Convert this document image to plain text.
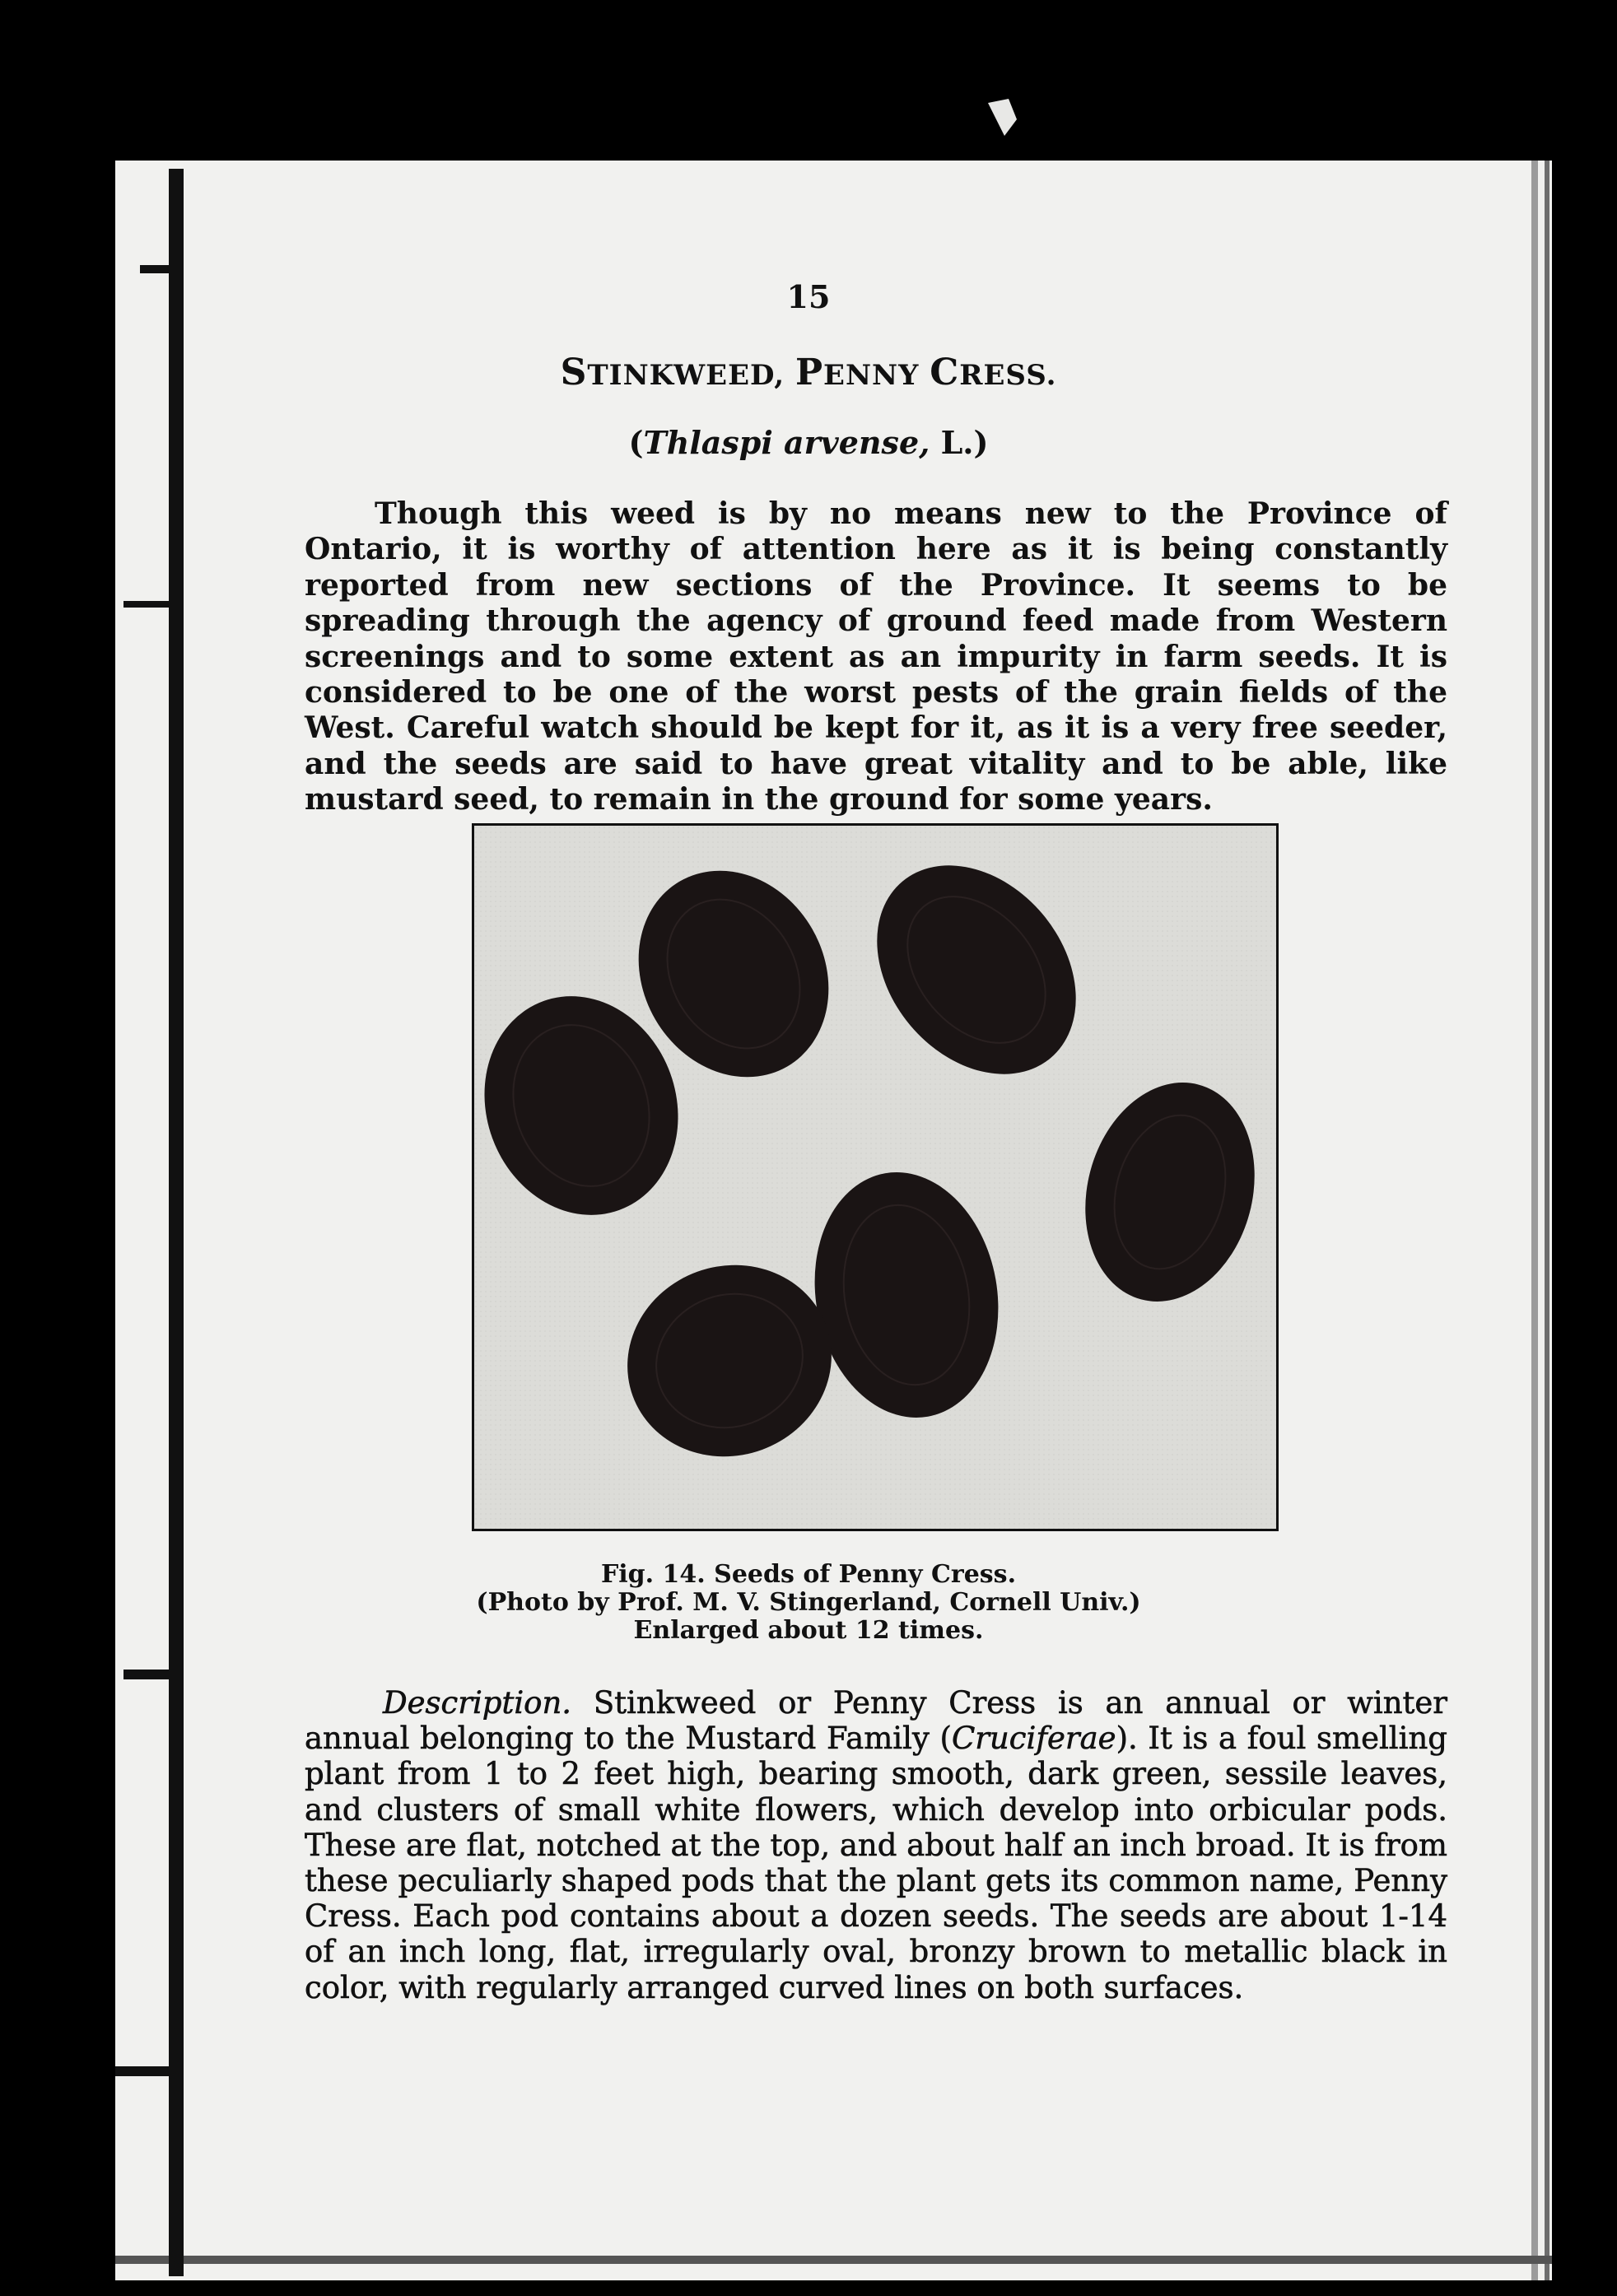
15
STINKWEED, PENNY CRESS.
(Thlaspi arvense, L.)

Though this weed is by no means new to the Province of Ontario, it is worthy of attention here as it is being constantly reported from new sections of the Province. It seems to be spreading through the agency of ground feed made from Western screenings and to some extent as an impurity in farm seeds. It is considered to be one of the worst pests of the grain fields of the West. Careful watch should be kept for it, as it is a very free seeder, and the seeds are said to have great vitality and to be able, like mustard seed, to remain in the ground for some years.

Fig. 14. Seeds of Penny Cress.
(Photo by Prof. M. V. Stingerland, Cornell Univ.)
Enlarged about 12 times.

Description. Stinkweed or Penny Cress is an annual or winter annual belonging to the Mustard Family (Cruciferae). It is a foul smelling plant from 1 to 2 feet high, bearing smooth, dark green, sessile leaves, and clusters of small white flowers, which develop into orbicular pods. These are flat, notched at the top, and about half an inch broad. It is from these peculiarly shaped pods that the plant gets its common name, Penny Cress. Each pod contains about a dozen seeds. The seeds are about 1-14 of an inch long, flat, irregularly oval, bronzy brown to metallic black in color, with regularly arranged curved lines on both surfaces.
